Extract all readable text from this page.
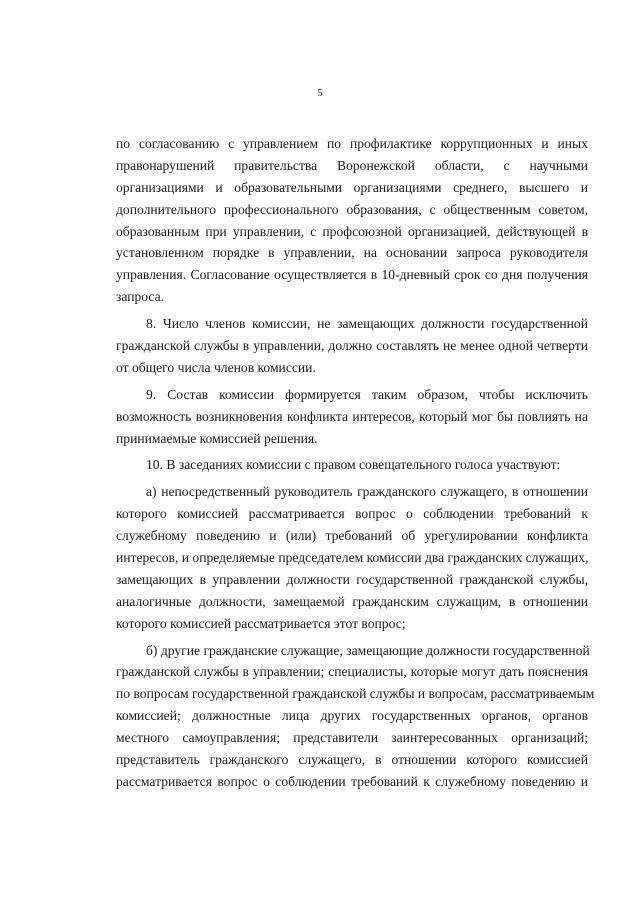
5
по согласованию с управлением по профилактике коррупционных и иных
правонарушений правительства Воронежской области, с научными
организациями и образовательными организациями среднего, высшего и
дополнительного профессионального образования, с общественным советом,
образованным при управлении, с профсоюзной организацией, действующей в
установленном порядке в управлении, на основании запроса руководителя
управления. Согласование осуществляется в 10-дневный срок со дня получения
запроса.
8. Число членов комиссии, не замещающих должности государственной
гражданской службы в управлении, должно составлять не менее одной четверти
от общего числа членов комиссии.
9. Состав комиссии формируется таким образом, чтобы исключить
возможность возникновения конфликта интересов, который мог бы повлиять на
принимаемые комиссией решения.
10. В заседаниях комиссии с правом совещательного голоса участвуют:
а) непосредственный руководитель гражданского служащего, в отношении
которого комиссией рассматривается вопрос о соблюдении требований к
служебному поведению и (или) требований об урегулировании конфликта
интересов, и определяемые председателем комиссии два гражданских служащих,
замещающих в управлении должности государственной гражданской службы,
аналогичные должности, замещаемой гражданским служащим, в отношении
которого комиссией рассматривается этот вопрос;
б) другие гражданские служащие, замещающие должности государственной
гражданской службы в управлении; специалисты, которые могут дать пояснения
по вопросам государственной гражданской службы и вопросам, рассматриваемым
комиссией; должностные лица других государственных органов, органов
местного самоуправления; представители заинтересованных организаций;
представитель гражданского служащего, в отношении которого комиссией
рассматривается вопрос о соблюдении требований к служебному поведению и
